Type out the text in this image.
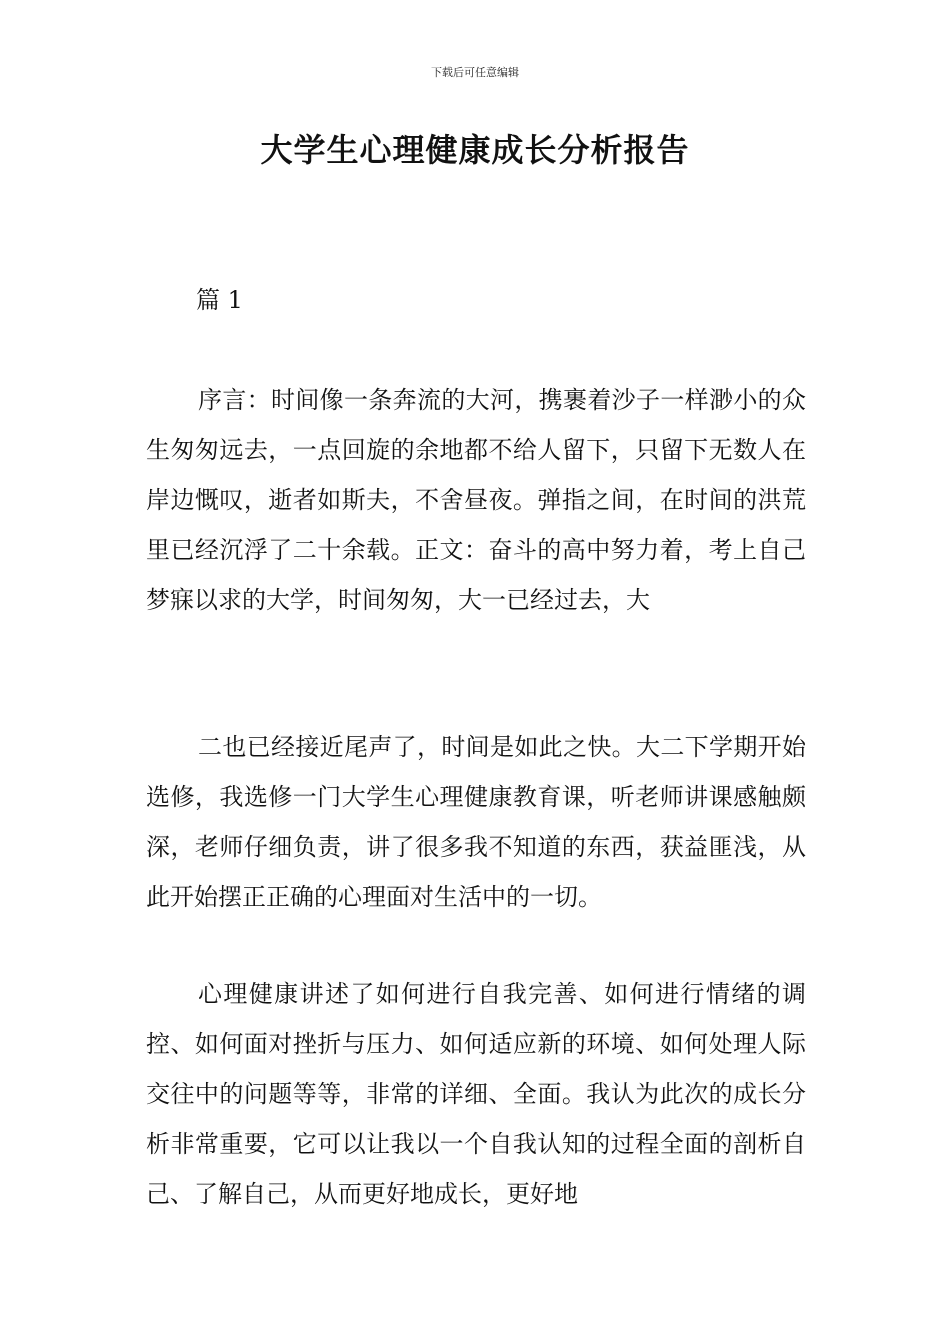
下载后可任意编辑
大学生心理健康成长分析报告
篇 1

序言：时间像一条奔流的大河，携裹着沙子一样渺小的众生匆匆远去，一点回旋的余地都不给人留下，只留下无数人在岸边慨叹，逝者如斯夫，不舍昼夜。弹指之间，在时间的洪荒里已经沉浮了二十余载。正文：奋斗的高中努力着，考上自己梦寐以求的大学，时间匆匆，大一已经过去，大

二也已经接近尾声了，时间是如此之快。大二下学期开始选修，我选修一门大学生心理健康教育课，听老师讲课感触颇深，老师仔细负责，讲了很多我不知道的东西，获益匪浅，从此开始摆正正确的心理面对生活中的一切。

心理健康讲述了如何进行自我完善、如何进行情绪的调控、如何面对挫折与压力、如何适应新的环境、如何处理人际交往中的问题等等，非常的详细、全面。我认为此次的成长分析非常重要，它可以让我以一个自我认知的过程全面的剖析自己、了解自己，从而更好地成长，更好地
